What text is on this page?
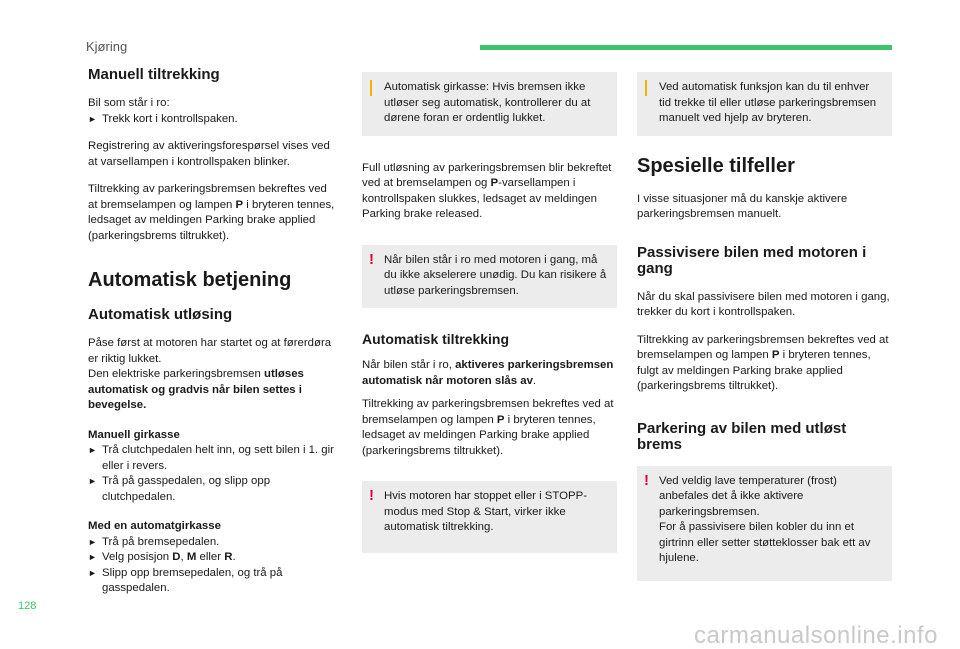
Kjøring
Manuell tiltrekking

Bil som står i ro:

► Trekk kort i kontrollspaken.

Registrering av aktiveringsforespørsel vises ved at varsellampen i kontrollspaken blinker.

Tiltrekking av parkeringsbremsen bekreftes ved at bremselampen og lampen P i bryteren tennes, ledsaget av meldingen Parking brake applied (parkeringsbrems tiltrukket).

Automatisk betjening
Automatisk utløsing

Påse først at motoren har startet og at førerdøra er riktig lukket.
Den elektriske parkeringsbremsen utløses automatisk og gradvis når bilen settes i bevegelse.

Manuell girkasse

► Trå clutchpedalen helt inn, og sett bilen i 1. gir eller i revers.
► Trå på gasspedalen, og slipp opp clutchpedalen.

Med en automatgirkasse

► Trå på bremsepedalen.
► Velg posisjon D, M eller R.
► Slipp opp bremsepedalen, og trå på gasspedalen.

Automatisk girkasse: Hvis bremsen ikke utløser seg automatisk, kontrollerer du at dørene foran er ordentlig lukket.

Full utløsning av parkeringsbremsen blir bekreftet ved at bremselampen og P-varsellampen i kontrollspaken slukkes, ledsaget av meldingen Parking brake released.

! Når bilen står i ro med motoren i gang, må du ikke akselerere unødig. Du kan risikere å utløse parkeringsbremsen.
Automatisk tiltrekking

Når bilen står i ro, aktiveres parkeringsbremsen automatisk når motoren slås av.

Tiltrekking av parkeringsbremsen bekreftes ved at bremselampen og lampen P i bryteren tennes, ledsaget av meldingen Parking brake applied (parkeringsbrems tiltrukket).

! Hvis motoren har stoppet eller i STOPP-modus med Stop & Start, virker ikke automatisk tiltrekking.
Ved automatisk funksjon kan du til enhver tid trekke til eller utløse parkeringsbremsen manuelt ved hjelp av bryteren.
Spesielle tilfeller

I visse situasjoner må du kanskje aktivere parkeringsbremsen manuelt.

Passivisere bilen med motoren i gang

Når du skal passivisere bilen med motoren i gang, trekker du kort i kontrollspaken.

Tiltrekking av parkeringsbremsen bekreftes ved at bremselampen og lampen P i bryteren tennes, fulgt av meldingen Parking brake applied (parkeringsbrems tiltrukket).

Parkering av bilen med utløst brems
! Ved veldig lave temperaturer (frost) anbefales det å ikke aktivere parkeringsbremsen.
For å passivisere bilen kobler du inn et girtrinn eller setter støtteklosser bak ett av hjulene.
128
carmanualsonline.info
